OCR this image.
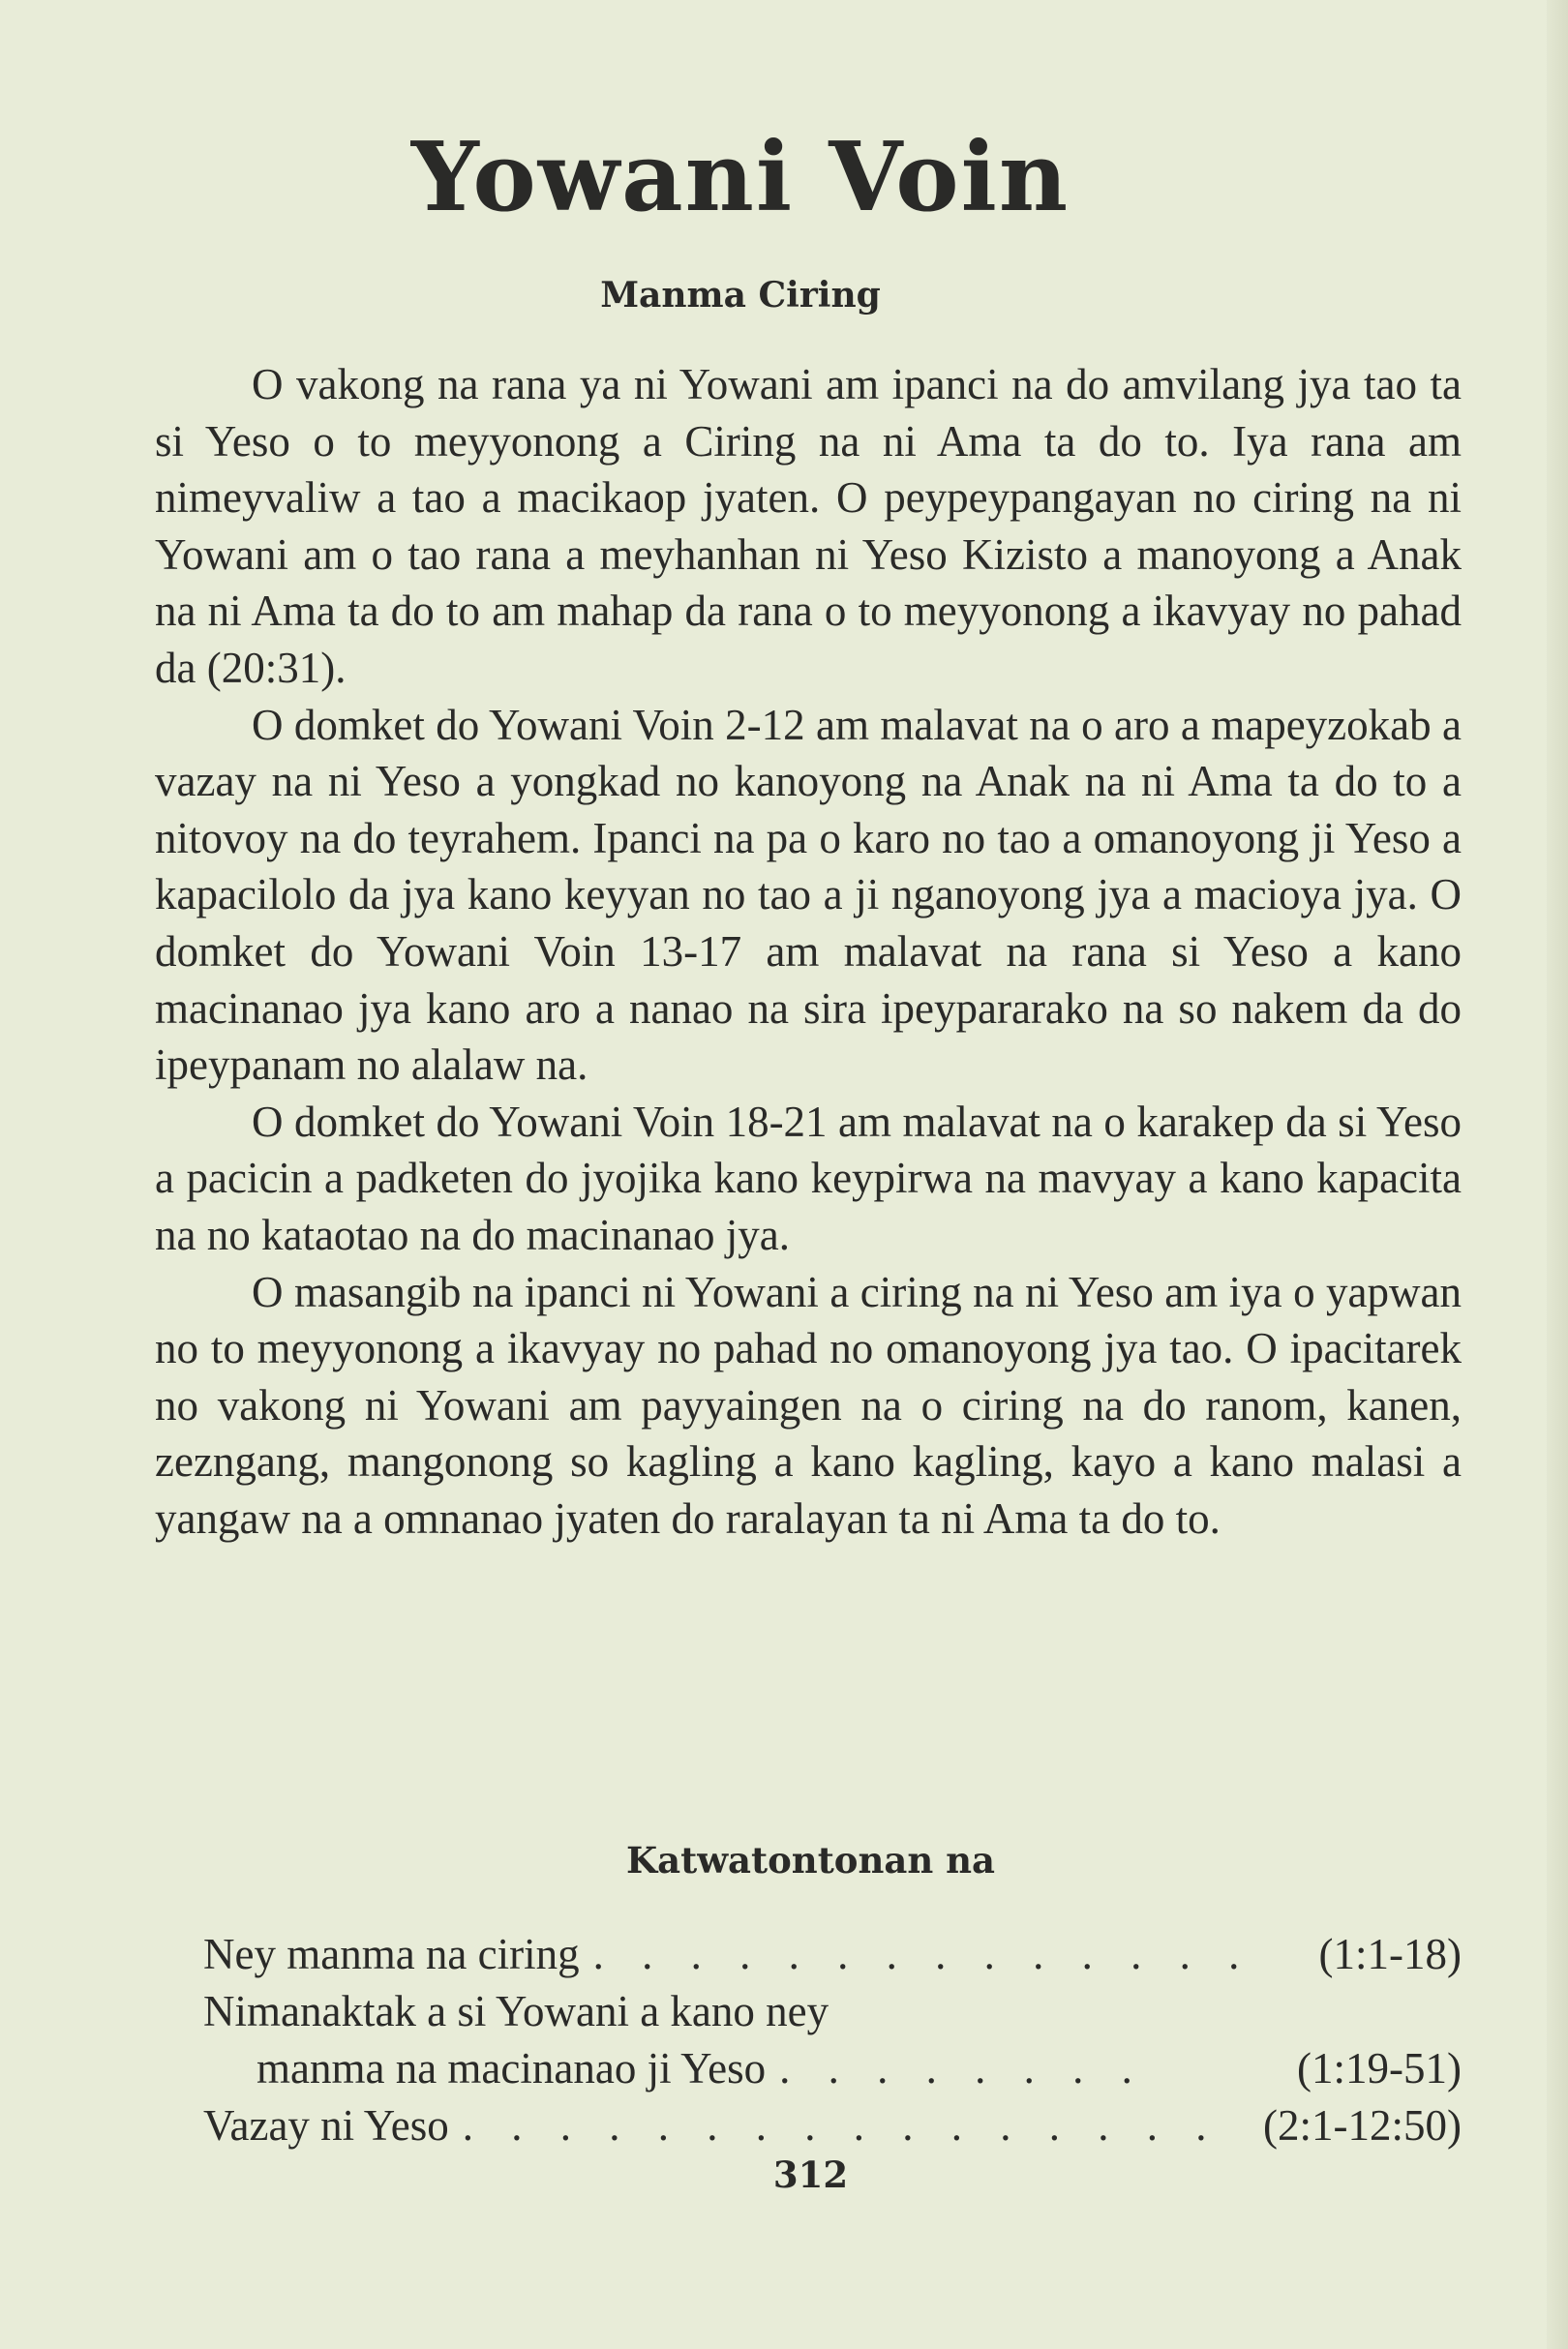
Yowani Voin
Manma Ciring

O vakong na rana ya ni Yowani am ipanci na do amvilang jya tao ta si Yeso o to meyyonong a Ciring na ni Ama ta do to. Iya rana am nimeyvaliw a tao a macikaop jyaten. O peypeypangayan no ciring na ni Yowani am o tao rana a meyhanhan ni Yeso Kizisto a manoyong a Anak na ni Ama ta do to am mahap da rana o to meyyonong a ikavyay no pahad da (20:31).

O domket do Yowani Voin 2-12 am malavat na o aro a mapeyzokab a vazay na ni Yeso a yongkad no kanoyong na Anak na ni Ama ta do to a nitovoy na do teyrahem. Ipanci na pa o karo no tao a omanoyong ji Yeso a kapacilolo da jya kano keyyan no tao a ji nganoyong jya a macioya jya. O domket do Yowani Voin 13-17 am malavat na rana si Yeso a kano macinanao jya kano aro a nanao na sira ipeypararako na so nakem da do ipeypanam no alalaw na.

O domket do Yowani Voin 18-21 am malavat na o karakep da si Yeso a pacicin a padketen do jyojika kano keypirwa na mavyay a kano kapacita na no kataotao na do macinanao jya.

O masangib na ipanci ni Yowani a ciring na ni Yeso am iya o yapwan no to meyyonong a ikavyay no pahad no omanoyong jya tao. O ipacitarek no vakong ni Yowani am payyaingen na o ciring na do ranom, kanen, zezngang, mangonong so kagling a kano kagling, kayo a kano malasi a yangaw na a omnanao jyaten do raralayan ta ni Ama ta do to.

Katwatontonan na
Ney manma na ciring . . . . . . . . . . . . . .	(1:1-18)
Nimanaktak a si Yowani a kano ney
manma na macinanao ji Yeso . . . . . . . .	(1:19-51)
Vazay ni Yeso . . . . . . . . . . . . . . . . (2:1-12:50)
312
